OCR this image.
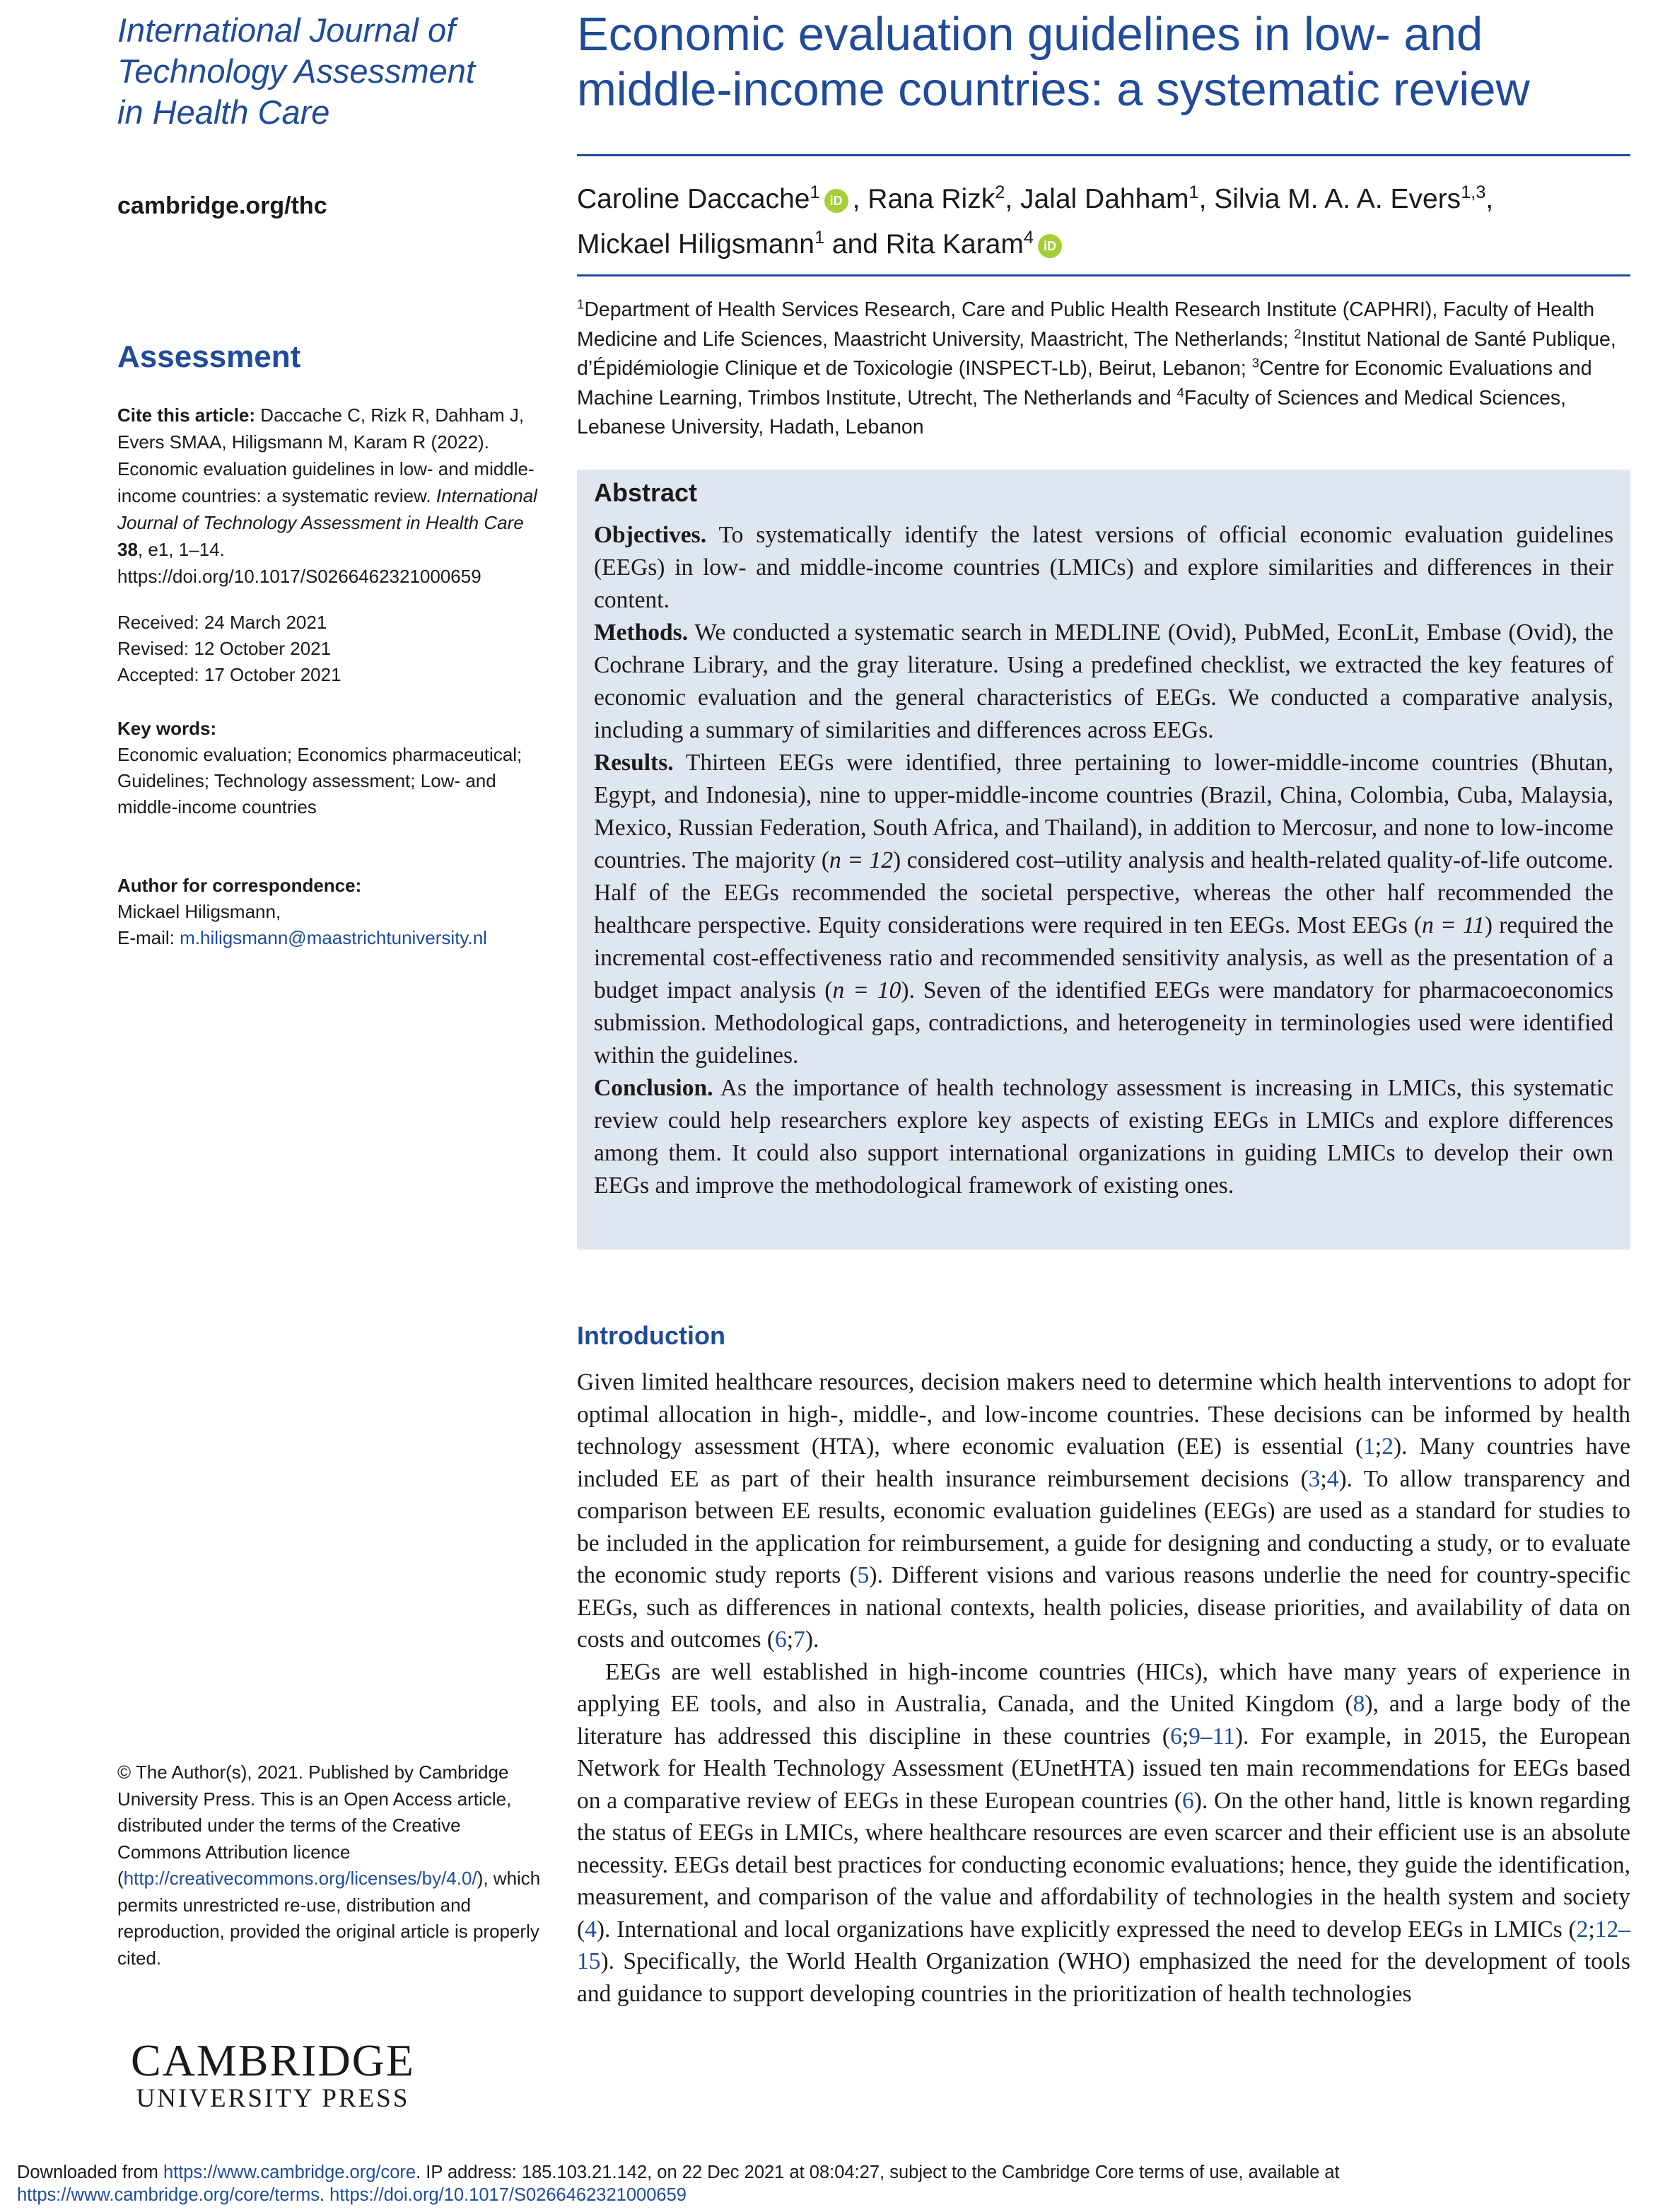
International Journal of Technology Assessment in Health Care
cambridge.org/thc
Economic evaluation guidelines in low- and middle-income countries: a systematic review
Caroline Daccache$^1$ iD , Rana Rizk$^2$, Jalal Dahham$^1$, Silvia M. A. A. Evers$^{1,3}$,
Mickael Hiligsmann$^1$ and Rita Karam$^4$ iD
$^1$Department of Health Services Research, Care and Public Health Research Institute (CAPHRI), Faculty of Health Medicine and Life Sciences, Maastricht University, Maastricht, The Netherlands; $^2$Institut National de Santé Publique, d’Épidémiologie Clinique et de Toxicologie (INSPECT-Lb), Beirut, Lebanon; $^3$Centre for Economic Evaluations and Machine Learning, Trimbos Institute, Utrecht, The Netherlands and $^4$Faculty of Sciences and Medical Sciences, Lebanese University, Hadath, Lebanon
Assessment
Cite this article: Daccache C, Rizk R, Dahham J, Evers SMAA, Hiligsmann M, Karam R (2022). Economic evaluation guidelines in low- and middle-income countries: a systematic review. International Journal of Technology Assessment in Health Care 38, e1, 1–14. https://doi.org/10.1017/S0266462321000659
Received: 24 March 2021
Revised: 12 October 2021
Accepted: 17 October 2021
Key words:
Economic evaluation; Economics pharmaceutical; Guidelines; Technology assessment; Low- and middle-income countries
Author for correspondence:
Mickael Hiligsmann,
E-mail: m.hiligsmann@maastrichtuniversity.nl
© The Author(s), 2021. Published by Cambridge University Press. This is an Open Access article, distributed under the terms of the Creative Commons Attribution licence (http://creativecommons.org/licenses/by/4.0/), which permits unrestricted re-use, distribution and reproduction, provided the original article is properly cited.
CAMBRIDGE
UNIVERSITY PRESS
Abstract

Objectives. To systematically identify the latest versions of official economic evaluation guidelines (EEGs) in low- and middle-income countries (LMICs) and explore similarities and differences in their content.

Methods. We conducted a systematic search in MEDLINE (Ovid), PubMed, EconLit, Embase (Ovid), the Cochrane Library, and the gray literature. Using a predefined checklist, we extracted the key features of economic evaluation and the general characteristics of EEGs. We conducted a comparative analysis, including a summary of similarities and differences across EEGs.

Results. Thirteen EEGs were identified, three pertaining to lower-middle-income countries (Bhutan, Egypt, and Indonesia), nine to upper-middle-income countries (Brazil, China, Colombia, Cuba, Malaysia, Mexico, Russian Federation, South Africa, and Thailand), in addition to Mercosur, and none to low-income countries. The majority (n = 12) considered cost–utility analysis and health-related quality-of-life outcome. Half of the EEGs recommended the societal perspective, whereas the other half recommended the healthcare perspective. Equity considerations were required in ten EEGs. Most EEGs (n = 11) required the incremental cost-effectiveness ratio and recommended sensitivity analysis, as well as the presentation of a budget impact analysis (n = 10). Seven of the identified EEGs were mandatory for pharmacoeconomics submission. Methodological gaps, contradictions, and heterogeneity in terminologies used were identified within the guidelines.

Conclusion. As the importance of health technology assessment is increasing in LMICs, this systematic review could help researchers explore key aspects of existing EEGs in LMICs and explore differences among them. It could also support international organizations in guiding LMICs to develop their own EEGs and improve the methodological framework of existing ones.

Introduction

Given limited healthcare resources, decision makers need to determine which health interventions to adopt for optimal allocation in high-, middle-, and low-income countries. These decisions can be informed by health technology assessment (HTA), where economic evaluation (EE) is essential (1;2). Many countries have included EE as part of their health insurance reimbursement decisions (3;4). To allow transparency and comparison between EE results, economic evaluation guidelines (EEGs) are used as a standard for studies to be included in the application for reimbursement, a guide for designing and conducting a study, or to evaluate the economic study reports (5). Different visions and various reasons underlie the need for country-specific EEGs, such as differences in national contexts, health policies, disease priorities, and availability of data on costs and outcomes (6;7).

EEGs are well established in high-income countries (HICs), which have many years of experience in applying EE tools, and also in Australia, Canada, and the United Kingdom (8), and a large body of the literature has addressed this discipline in these countries (6;9–11). For example, in 2015, the European Network for Health Technology Assessment (EUnetHTA) issued ten main recommendations for EEGs based on a comparative review of EEGs in these European countries (6). On the other hand, little is known regarding the status of EEGs in LMICs, where healthcare resources are even scarcer and their efficient use is an absolute necessity. EEGs detail best practices for conducting economic evaluations; hence, they guide the identification, measurement, and comparison of the value and affordability of technologies in the health system and society (4). International and local organizations have explicitly expressed the need to develop EEGs in LMICs (2;12–15). Specifically, the World Health Organization (WHO) emphasized the need for the development of tools and guidance to support developing countries in the prioritization of health technologies

Downloaded from https://www.cambridge.org/core. IP address: 185.103.21.142, on 22 Dec 2021 at 08:04:27, subject to the Cambridge Core terms of use, available at
https://www.cambridge.org/core/terms. https://doi.org/10.1017/S0266462321000659
